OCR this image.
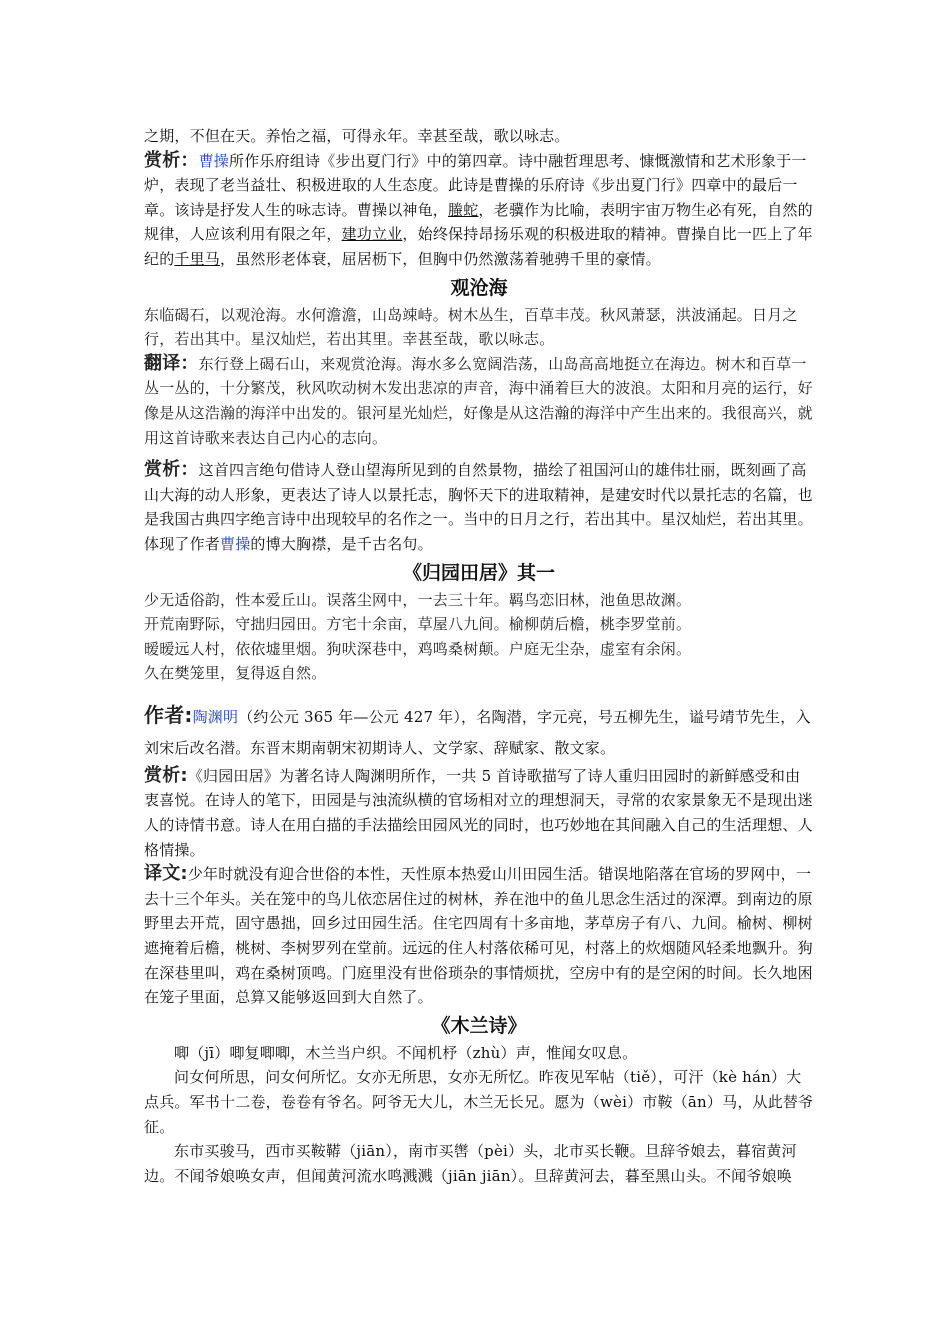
之期，不但在天。养怡之福，可得永年。幸甚至哉，歌以咏志。

赏析：曹操所作乐府组诗《步出夏门行》中的第四章。诗中融哲理思考、慷慨激情和艺术形象于一炉，表现了老当益壮、积极进取的人生态度。此诗是曹操的乐府诗《步出夏门行》四章中的最后一章。该诗是抒发人生的咏志诗。曹操以神龟，螣蛇，老骥作为比喻，表明宇宙万物生必有死，自然的规律，人应该利用有限之年，建功立业，始终保持昂扬乐观的积极进取的精神。曹操自比一匹上了年纪的千里马，虽然形老体衰，屈居枥下，但胸中仍然激荡着驰骋千里的豪情。

观沧海

东临碣石，以观沧海。水何澹澹，山岛竦峙。树木丛生，百草丰茂。秋风萧瑟，洪波涌起。日月之行，若出其中。星汉灿烂，若出其里。幸甚至哉，歌以咏志。

翻译：东行登上碣石山，来观赏沧海。海水多么宽阔浩荡，山岛高高地挺立在海边。树木和百草一丛一丛的，十分繁茂，秋风吹动树木发出悲凉的声音，海中涌着巨大的波浪。太阳和月亮的运行，好像是从这浩瀚的海洋中出发的。银河星光灿烂，好像是从这浩瀚的海洋中产生出来的。我很高兴，就用这首诗歌来表达自己内心的志向。

赏析：这首四言绝句借诗人登山望海所见到的自然景物，描绘了祖国河山的雄伟壮丽，既刻画了高山大海的动人形象，更表达了诗人以景托志，胸怀天下的进取精神，是建安时代以景托志的名篇，也是我国古典四字绝言诗中出现较早的名作之一。当中的日月之行，若出其中。星汉灿烂，若出其里。体现了作者曹操的博大胸襟，是千古名句。

《归园田居》其一

少无适俗韵，性本爱丘山。误落尘网中，一去三十年。羁鸟恋旧林，池鱼思故渊。

开荒南野际，守拙归园田。方宅十余亩，草屋八九间。榆柳荫后檐，桃李罗堂前。

暧暧远人村，依依墟里烟。狗吠深巷中，鸡鸣桑树颠。户庭无尘杂，虚室有余闲。

久在樊笼里，复得返自然。

作者:陶渊明（约公元 365 年—公元 427 年），名陶潜，字元亮，号五柳先生，谥号靖节先生，入刘宋后改名潜。东晋末期南朝宋初期诗人、文学家、辞赋家、散文家。

赏析:《归园田居》为著名诗人陶渊明所作，一共 5 首诗歌描写了诗人重归田园时的新鲜感受和由衷喜悦。在诗人的笔下，田园是与浊流纵横的官场相对立的理想洞天，寻常的农家景象无不是现出迷人的诗情书意。诗人在用白描的手法描绘田园风光的同时，也巧妙地在其间融入自己的生活理想、人格情操。

译文:少年时就没有迎合世俗的本性，天性原本热爱山川田园生活。错误地陷落在官场的罗网中，一去十三个年头。关在笼中的鸟儿依恋居住过的树林，养在池中的鱼儿思念生活过的深潭。到南边的原野里去开荒，固守愚拙，回乡过田园生活。住宅四周有十多亩地，茅草房子有八、九间。榆树、柳树遮掩着后檐，桃树、李树罗列在堂前。远远的住人村落依稀可见，村落上的炊烟随风轻柔地飘升。狗在深巷里叫，鸡在桑树顶鸣。门庭里没有世俗琐杂的事情烦扰，空房中有的是空闲的时间。长久地困在笼子里面，总算又能够返回到大自然了。

《木兰诗》

唧（jī）唧复唧唧，木兰当户织。不闻机杼（zhù）声，惟闻女叹息。

问女何所思，问女何所忆。女亦无所思，女亦无所忆。昨夜见军帖（tiě），可汗（kè hán）大点兵。军书十二卷，卷卷有爷名。阿爷无大儿，木兰无长兄。愿为（wèi）市鞍（ān）马，从此替爷征。

东市买骏马，西市买鞍鞯（jiān），南市买辔（pèi）头，北市买长鞭。旦辞爷娘去，暮宿黄河边。不闻爷娘唤女声，但闻黄河流水鸣溅溅（jiān jiān）。旦辞黄河去，暮至黑山头。不闻爷娘唤
